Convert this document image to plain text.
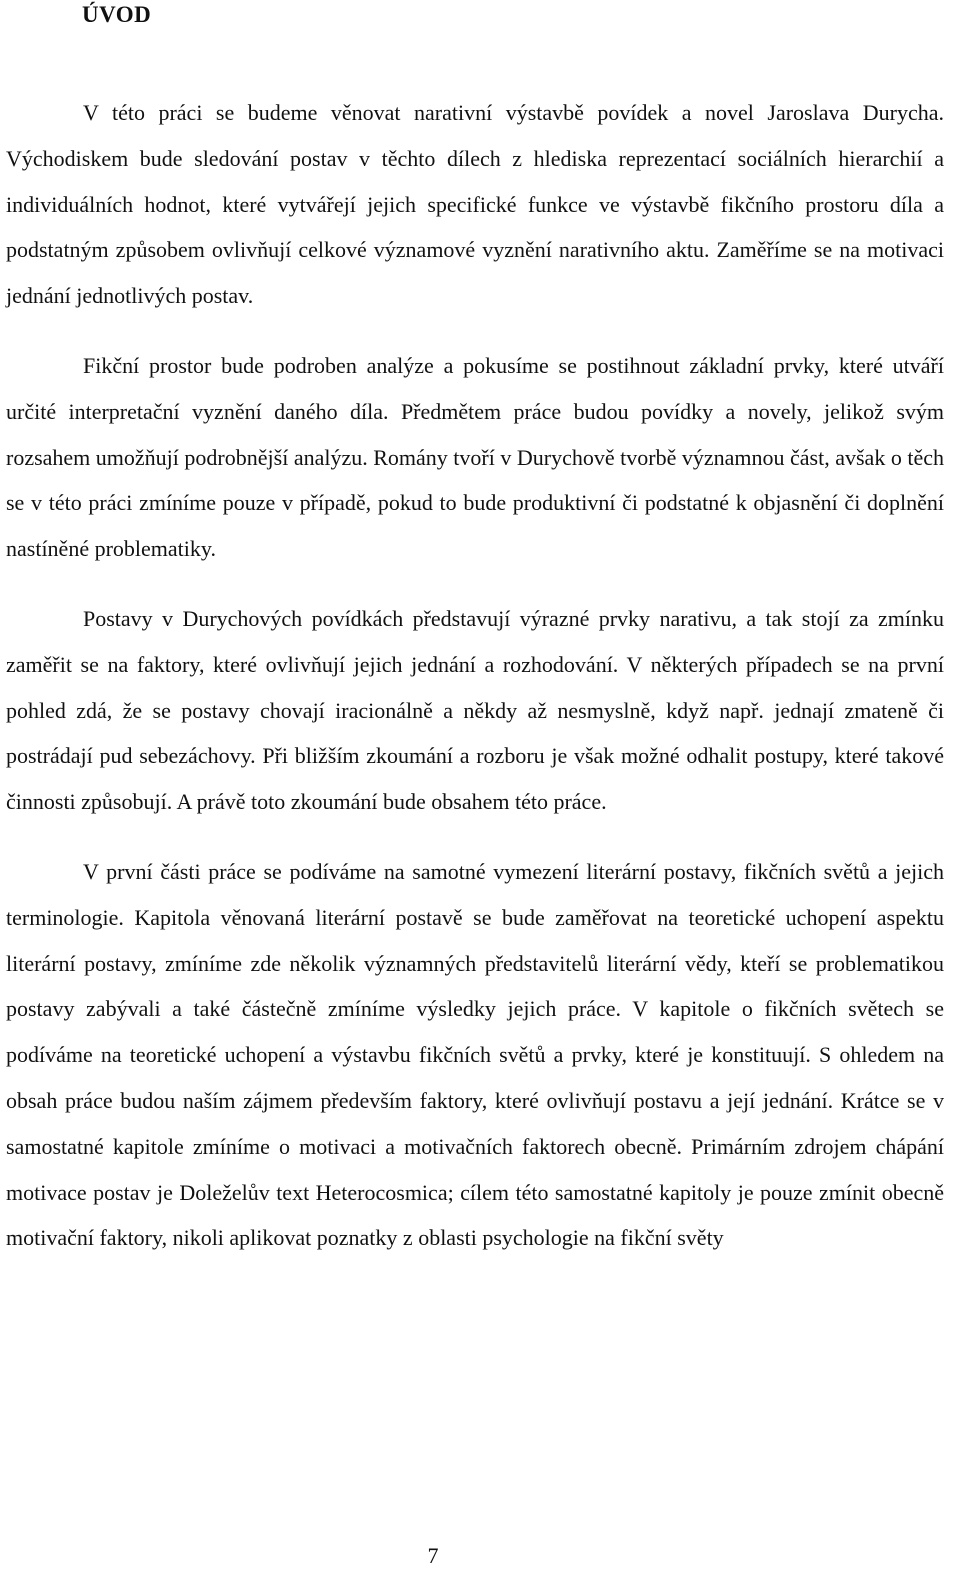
ÚVOD

V této práci se budeme věnovat narativní výstavbě povídek a novel Jaroslava Durycha. Východiskem bude sledování postav v těchto dílech z hlediska reprezentací sociálních hierarchií a individuálních hodnot, které vytvářejí jejich specifické funkce ve výstavbě fikčního prostoru díla a podstatným způsobem ovlivňují celkové významové vyznění narativního aktu. Zaměříme se na motivaci jednání jednotlivých postav.

Fikční prostor bude podroben analýze a pokusíme se postihnout základní prvky, které utváří určité interpretační vyznění daného díla. Předmětem práce budou povídky a novely, jelikož svým rozsahem umožňují podrobnější analýzu. Romány tvoří v Durychově tvorbě významnou část, avšak o těch se v této práci zmíníme pouze v případě, pokud to bude produktivní či podstatné k objasnění či doplnění nastíněné problematiky.

Postavy v Durychových povídkách představují výrazné prvky narativu, a tak stojí za zmínku zaměřit se na faktory, které ovlivňují jejich jednání a rozhodování. V některých případech se na první pohled zdá, že se postavy chovají iracionálně a někdy až nesmyslně, když např. jednají zmateně či postrádají pud sebezáchovy. Při bližším zkoumání a rozboru je však možné odhalit postupy, které takové činnosti způsobují. A právě toto zkoumání bude obsahem této práce.

V první části práce se podíváme na samotné vymezení literární postavy, fikčních světů a jejich terminologie. Kapitola věnovaná literární postavě se bude zaměřovat na teoretické uchopení aspektu literární postavy, zmíníme zde několik významných představitelů literární vědy, kteří se problematikou postavy zabývali a také částečně zmíníme výsledky jejich práce. V kapitole o fikčních světech se podíváme na teoretické uchopení a výstavbu fikčních světů a prvky, které je konstituují. S ohledem na obsah práce budou naším zájmem především faktory, které ovlivňují postavu a její jednání. Krátce se v samostatné kapitole zmíníme o motivaci a motivačních faktorech obecně. Primárním zdrojem chápání motivace postav je Doleželův text Heterocosmica; cílem této samostatné kapitoly je pouze zmínit obecně motivační faktory, nikoli aplikovat poznatky z oblasti psychologie na fikční světy

7
